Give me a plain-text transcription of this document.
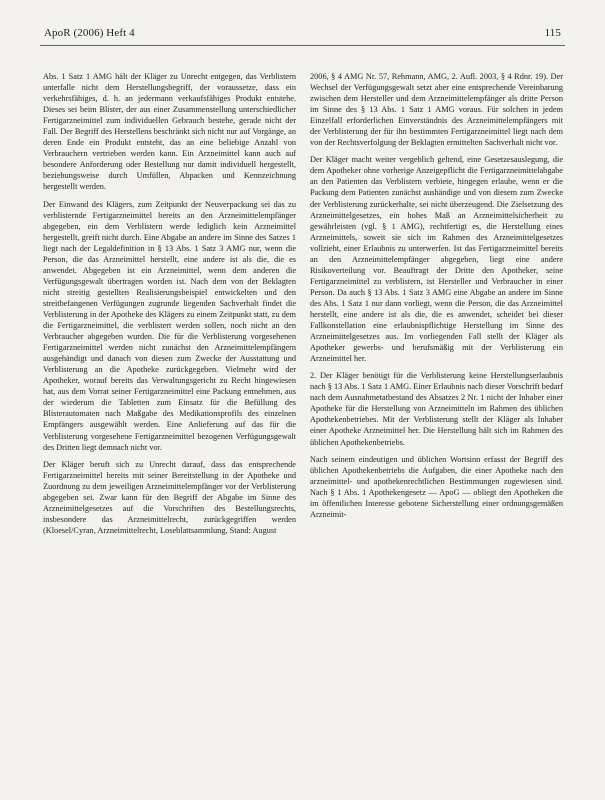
ApoR (2006) Heft 4	115

Abs. 1 Satz 1 AMG hält der Kläger zu Unrecht entgegen, das Verblistern unterfalle nicht dem Herstellungsbegriff, der voraussetze, dass ein verkehrsfähiges, d. h. an jedermann verkaufsfähiges Produkt entstehe. Dieses sei beim Blister, der aus einer Zusammenstellung unterschiedlicher Fertigarzneimittel zum individuellen Gebrauch bestehe, gerade nicht der Fall. Der Begriff des Herstellens beschränkt sich nicht nur auf Vorgänge, an deren Ende ein Produkt entsteht, das an eine beliebige Anzahl von Verbrauchern vertrieben werden kann. Ein Arzneimittel kann auch auf besondere Anforderung oder Bestellung nur damit individuell hergestellt, beziehungsweise durch Umfüllen, Abpacken und Kennzeichnung hergestellt werden.

Der Einwand des Klägers, zum Zeitpunkt der Neuverpackung sei das zu verblisternde Fertigarzneimittel bereits an den Arzneimittelempfänger abgegeben, ein dem Verblistern werde lediglich kein Arzneimittel hergestellt, greift nicht durch. Eine Abgabe an andere im Sinne des Satzes 1 liegt nach der Legaldefinition in § 13 Abs. 1 Satz 3 AMG nur, wenn die Person, die das Arzneimittel herstellt, eine andere ist als die, die es anwendet. Abgegeben ist ein Arzneimittel, wenn dem anderen die Verfügungsgewalt übertragen worden ist. Nach dem von der Beklagten nicht streitig gestellten Realisierungsbeispiel entwickelten und den streitbefangenen Verfügungen zugrunde liegenden Sachverhalt findet die Verblisterung in der Apotheke des Klägers zu einem Zeitpunkt statt, zu dem die Fertigarzneimittel, die verblistert werden sollen, noch nicht an den Verbraucher abgegeben wurden. Die für die Verblisterung vorgesehenen Fertigarzneimittel werden nicht zunächst den Arzneimittelempfängern ausgehändigt und danach von diesen zum Zwecke der Ausstattung und Verblisterung an die Apotheke zurückgegeben. Vielmehr wird der Apotheker, worauf bereits das Verwaltungsgericht zu Recht hingewiesen hat, aus dem Vorrat seiner Fertigarzneimittel eine Packung entnehmen, aus der wiederum die Tabletten zum Einsatz für die Befüllung des Blisterautomaten nach Maßgabe des Medikationsprofils des einzelnen Empfängers ausgewählt werden. Eine Anlieferung auf das für die Verblisterung vorgesehene Fertigarzneimittel bezogenen Verfügungsgewalt des Dritten liegt demnach nicht vor.

Der Kläger beruft sich zu Unrecht darauf, dass das entsprechende Fertigarzneimittel bereits mit seiner Bereitstellung in der Apotheke und Zuordnung zu dem jeweiligen Arzneimittelempfänger vor der Verblisterung abgegeben sei. Zwar kann für den Begriff der Abgabe im Sinne des Arzneimittelgesetzes auf die Vorschriften des Bestellungsrechts, insbesondere das Arzneimittelrecht, zurückgegriffen werden (Kloesel/Cyran, Arzneimittelrecht, Loseblattsammlung, Stand: August

2006, § 4 AMG Nr. 57, Rehmann, AMG, 2. Aufl. 2003, § 4 Rdnr. 19). Der Wechsel der Verfügungsgewalt setzt aber eine entsprechende Vereinbarung zwischen dem Hersteller und dem Arzneimittelempfänger als dritte Person im Sinne des § 13 Abs. 1 Satz 1 AMG voraus. Für solchen in jedem Einzelfall erforderlichen Einverständnis des Arzneimittelempfängers mit der Verblisterung der für ihn bestimmten Fertigarzneimittel liegt nach dem von der Rechtsverfolgung der Beklagten ermittelten Sachverhalt nicht vor.

Der Kläger macht weiter vergeblich geltend, eine Gesetzesauslegung, die dem Apotheker ohne vorherige Anzeigepflicht die Fertigarzneimittelabgabe an den Patienten das Verblistern verbiete, hingegen erlaube, wenn er die Packung dem Patienten zunächst aushändige und von diesem zum Zwecke der Verblisterung zurückerhalte, sei nicht überzeugend. Die Zielsetzung des Arzneimittelgesetzes, ein hohes Maß an Arzneimittelsicherheit zu gewährleisten (vgl. § 1 AMG), rechtfertigt es, die Herstellung eines Arzneimittels, soweit sie sich im Rahmen des Arzneimittelgesetzes vollzieht, einer Erlaubnis zu unterwerfen. Ist das Fertigarzneimittel bereits an den Arzneimittelempfänger abgegeben, liegt eine andere Risikoverteilung vor. Beauftragt der Dritte den Apotheker, seine Fertigarzneimittel zu verblistern, ist Hersteller und Verbraucher in einer Person. Da auch § 13 Abs. 1 Satz 3 AMG eine Abgabe an andere im Sinne des Abs. 1 Satz 1 nur dann vorliegt, wenn die Person, die das Arzneimittel herstellt, eine andere ist als die, die es anwendet, scheidet bei dieser Fallkonstellation eine erlaubnispflichtige Herstellung im Sinne des Arzneimittelgesetzes aus. Im vorliegenden Fall stellt der Kläger als Apotheker gewerbs- und berufsmäßig mit der Verblisterung ein Arzneimittel her.

2. Der Kläger benötigt für die Verblisterung keine Herstellungserlaubnis nach § 13 Abs. 1 Satz 1 AMG. Einer Erlaubnis nach dieser Vorschrift bedarf nach dem Ausnahmetatbestand des Absatzes 2 Nr. 1 nicht der Inhaber einer Apotheke für die Herstellung von Arzneimitteln im Rahmen des üblichen Apothekenbetriebes. Mit der Verblisterung stellt der Kläger als Inhaber einer Apotheke Arzneimittel her. Die Herstellung hält sich im Rahmen des üblichen Apothekenbetriebs.

Nach seinem eindeutigen und üblichen Wortsinn erfasst der Begriff des üblichen Apothekenbetriebs die Aufgaben, die einer Apotheke nach den arzneimittel- und apothekenrechtlichen Bestimmungen zugewiesen sind. Nach § 1 Abs. 1 Apothekengesetz — ApoG — obliegt den Apotheken die im öffentlichen Interesse gebotene Sicherstellung einer ordnungsgemäßen Arzneimit-
